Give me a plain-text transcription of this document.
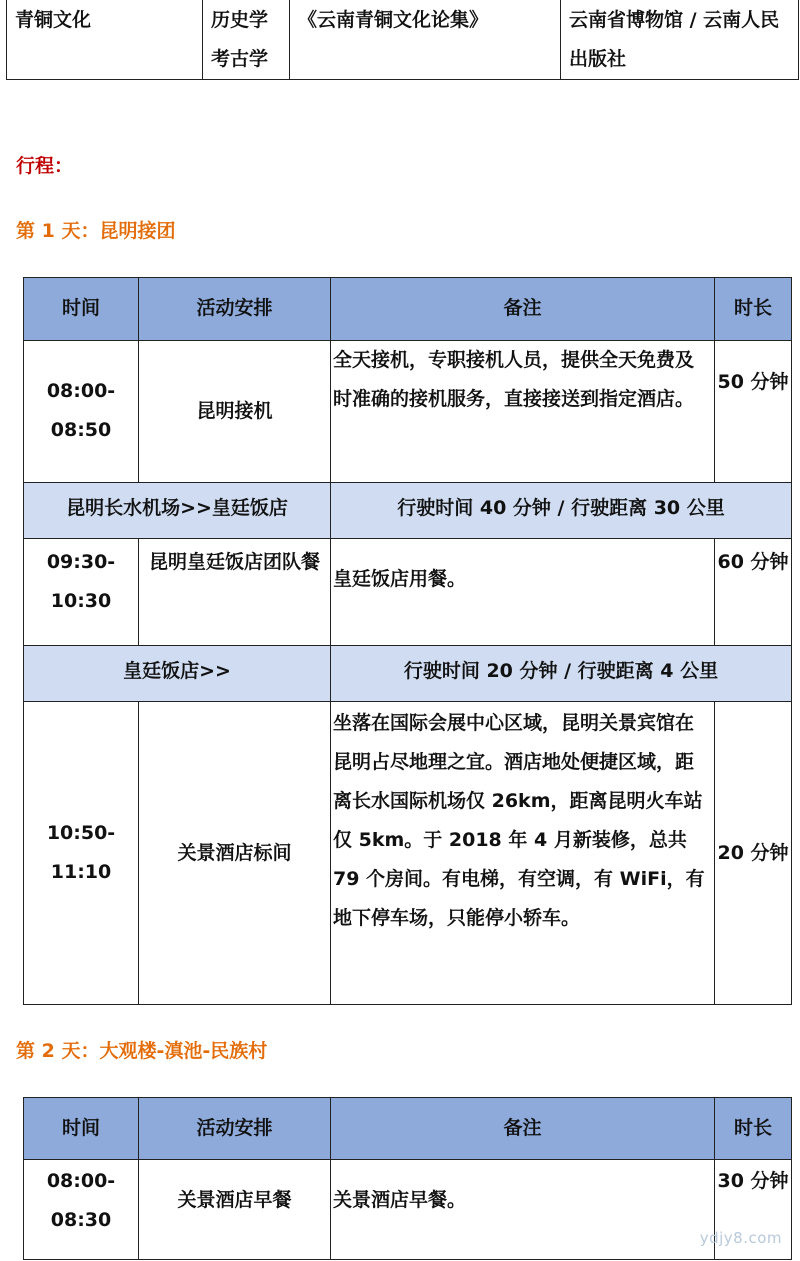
青铜文化	历史学考古学	《云南青铜文化论集》	云南省博物馆 / 云南人民出版社
行程：
第 1 天：昆明接团
时间	活动安排	备注	时长
08:00-08:50	昆明接机	全天接机，专职接机人员，提供全天免费及时准确的接机服务，直接接送到指定酒店。	50 分钟
昆明长水机场>>皇廷饭店		行驶时间 40 分钟 / 行驶距离 30 公里	
09:30-10:30	昆明皇廷饭店团队餐	皇廷饭店用餐。	60 分钟
皇廷饭店>>		行驶时间 20 分钟 / 行驶距离 4 公里	
10:50-11:10	关景酒店标间	坐落在国际会展中心区域，昆明关景宾馆在昆明占尽地理之宜。酒店地处便捷区域，距离长水国际机场仅 26km，距离昆明火车站仅 5km。于 2018 年 4 月新装修，总共 79 个房间。有电梯，有空调，有 WiFi，有地下停车场，只能停小轿车。	20 分钟
第 2 天：大观楼-滇池-民族村
时间	活动安排	备注	时长
08:00-08:30	关景酒店早餐	关景酒店早餐。	30 分钟
ydjy8.com
